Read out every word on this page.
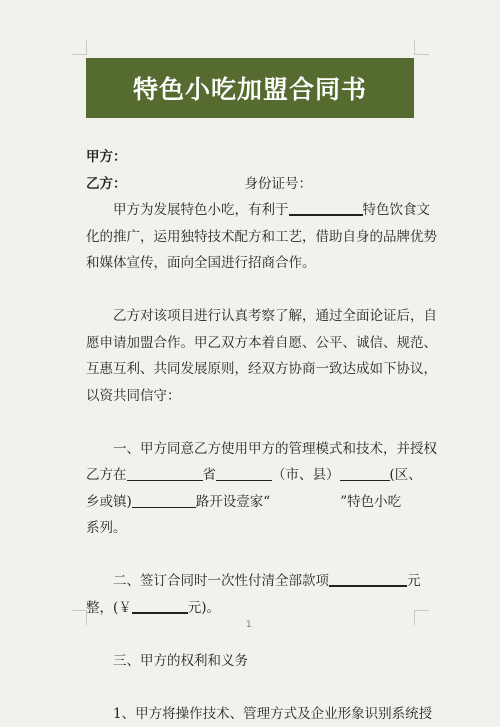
特色小吃加盟合同书
甲方：
乙方：	身份证号：
甲方为发展特色小吃，有利于	特色饮食文
化的推广，运用独特技术配方和工艺，借助自身的品牌优势
和媒体宣传，面向全国进行招商合作。
乙方对该项目进行认真考察了解，通过全面论证后，自
愿申请加盟合作。甲乙双方本着自愿、公平、诚信、规范、
互惠互利、共同发展原则，经双方协商一致达成如下协议，
以资共同信守：
一、甲方同意乙方使用甲方的管理模式和技术，并授权
乙方在	省	（市、县）	(区、
乡或镇)	路开设壹家“	”特色小吃
系列。
二、签订合同时一次性付清全部款项	元
整，(￥	元)。
三、甲方的权利和义务
1、甲方将操作技术、管理方式及企业形象识别系统授
1
